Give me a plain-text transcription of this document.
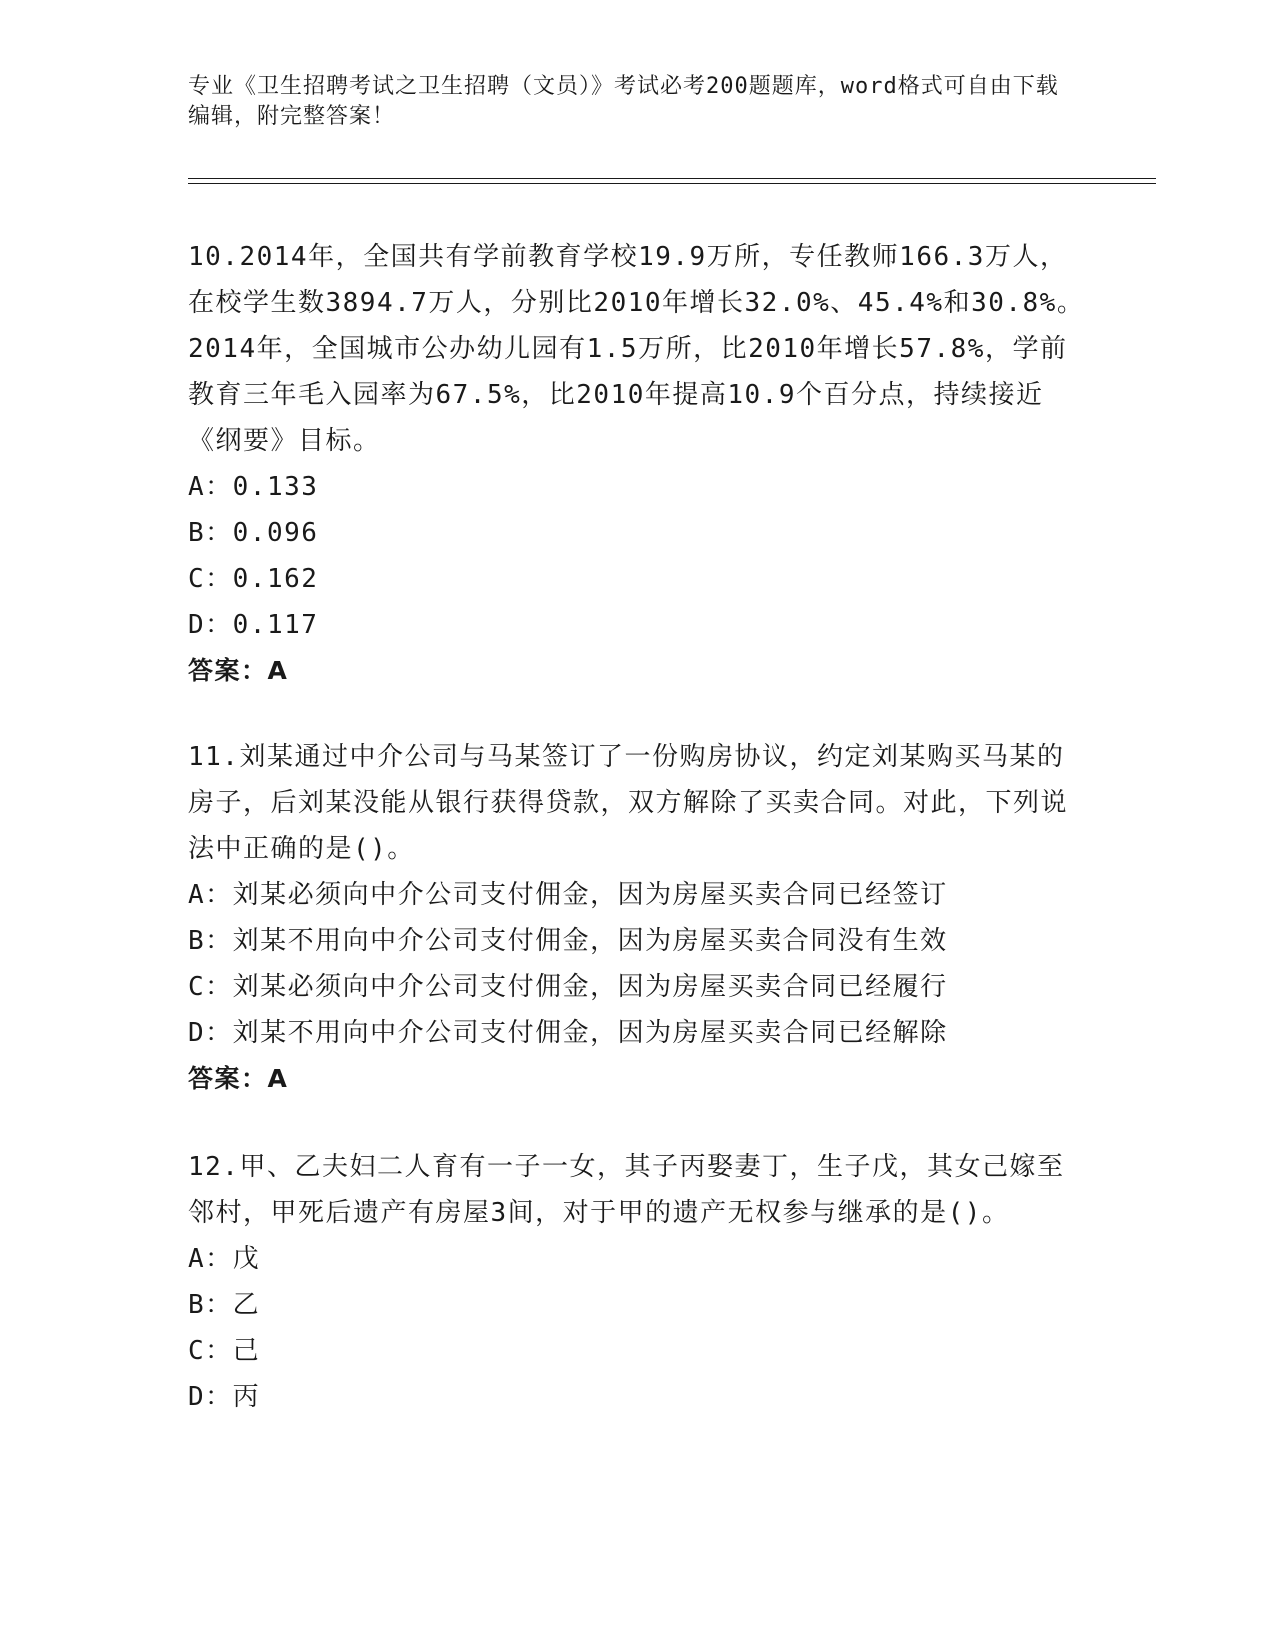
专业《卫生招聘考试之卫生招聘（文员）》考试必考200题题库，word格式可自由下载编辑，附完整答案！
10.2014年，全国共有学前教育学校19.9万所，专任教师166.3万人，在校学生数3894.7万人，分别比2010年增长32.0%、45.4%和30.8%。2014年，全国城市公办幼儿园有1.5万所，比2010年增长57.8%，学前教育三年毛入园率为67.5%，比2010年提高10.9个百分点，持续接近《纲要》目标。
A：0.133
B：0.096
C：0.162
D：0.117
答案：A
11.刘某通过中介公司与马某签订了一份购房协议，约定刘某购买马某的房子，后刘某没能从银行获得贷款，双方解除了买卖合同。对此，下列说法中正确的是()。
A：刘某必须向中介公司支付佣金，因为房屋买卖合同已经签订
B：刘某不用向中介公司支付佣金，因为房屋买卖合同没有生效
C：刘某必须向中介公司支付佣金，因为房屋买卖合同已经履行
D：刘某不用向中介公司支付佣金，因为房屋买卖合同已经解除
答案：A
12.甲、乙夫妇二人育有一子一女，其子丙娶妻丁，生子戊，其女己嫁至邻村，甲死后遗产有房屋3间，对于甲的遗产无权参与继承的是()。
A：戊
B：乙
C：己
D：丙
